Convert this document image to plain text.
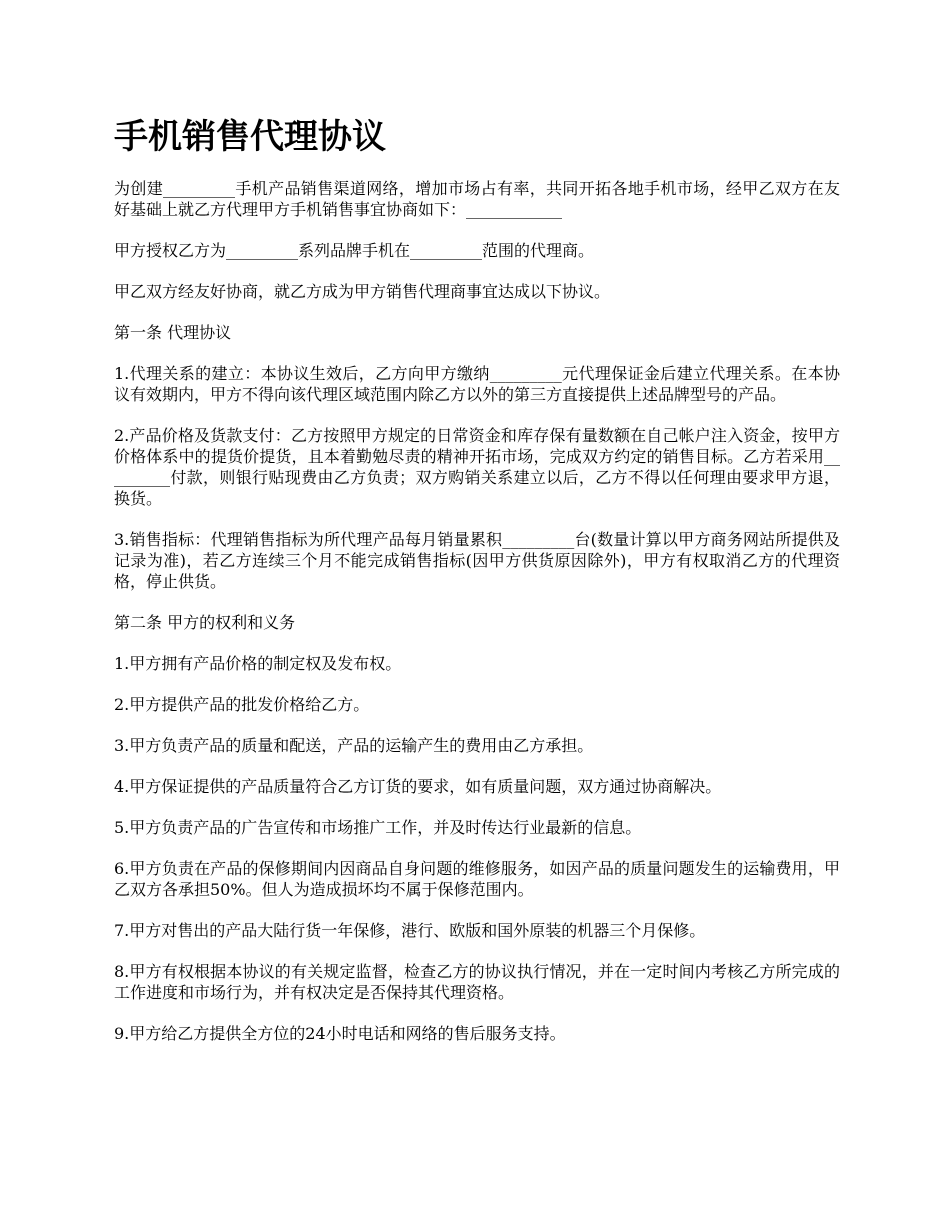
手机销售代理协议

为创建_________手机产品销售渠道网络，增加市场占有率，共同开拓各地手机市场，经甲乙双方在友好基础上就乙方代理甲方手机销售事宜协商如下：____________

甲方授权乙方为_________系列品牌手机在_________范围的代理商。

甲乙双方经友好协商，就乙方成为甲方销售代理商事宜达成以下协议。

第一条 代理协议

1.代理关系的建立：本协议生效后，乙方向甲方缴纳_________元代理保证金后建立代理关系。在本协议有效期内，甲方不得向该代理区域范围内除乙方以外的第三方直接提供上述品牌型号的产品。

2.产品价格及货款支付：乙方按照甲方规定的日常资金和库存保有量数额在自己帐户注入资金，按甲方价格体系中的提货价提货，且本着勤勉尽责的精神开拓市场，完成双方约定的销售目标。乙方若采用_________付款，则银行贴现费由乙方负责；双方购销关系建立以后，乙方不得以任何理由要求甲方退，换货。

3.销售指标：代理销售指标为所代理产品每月销量累积_________台(数量计算以甲方商务网站所提供及记录为准)，若乙方连续三个月不能完成销售指标(因甲方供货原因除外)，甲方有权取消乙方的代理资格，停止供货。

第二条 甲方的权利和义务

1.甲方拥有产品价格的制定权及发布权。

2.甲方提供产品的批发价格给乙方。

3.甲方负责产品的质量和配送，产品的运输产生的费用由乙方承担。

4.甲方保证提供的产品质量符合乙方订货的要求，如有质量问题，双方通过协商解决。

5.甲方负责产品的广告宣传和市场推广工作，并及时传达行业最新的信息。

6.甲方负责在产品的保修期间内因商品自身问题的维修服务，如因产品的质量问题发生的运输费用，甲乙双方各承担50%。但人为造成损坏均不属于保修范围内。

7.甲方对售出的产品大陆行货一年保修，港行、欧版和国外原装的机器三个月保修。

8.甲方有权根据本协议的有关规定监督，检查乙方的协议执行情况，并在一定时间内考核乙方所完成的工作进度和市场行为，并有权决定是否保持其代理资格。

9.甲方给乙方提供全方位的24小时电话和网络的售后服务支持。
